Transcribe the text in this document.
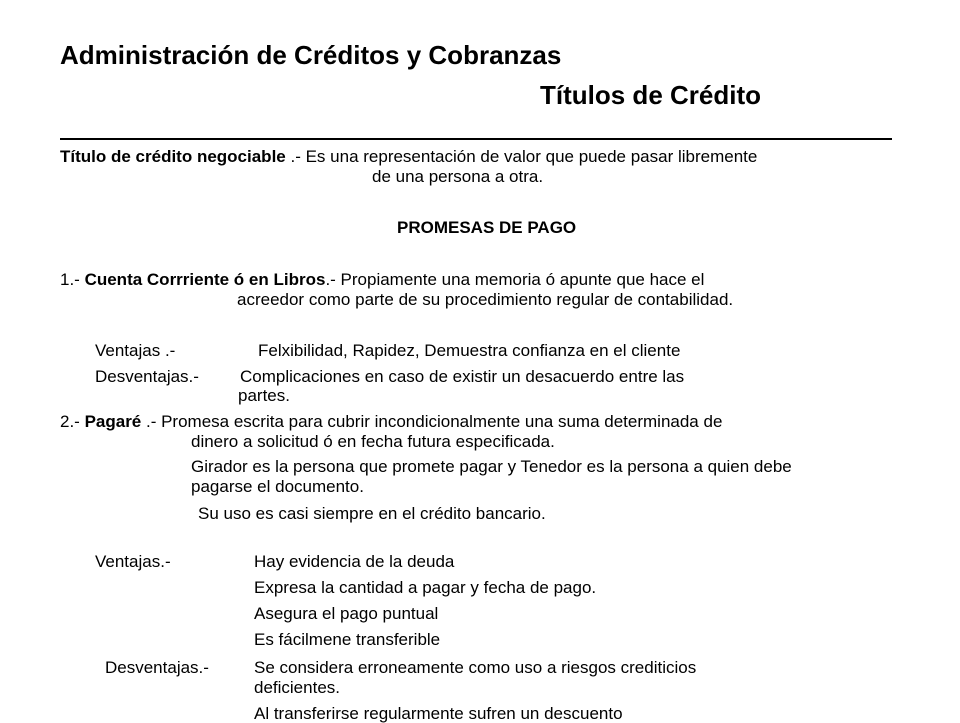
Administración de Créditos y Cobranzas
Títulos de Crédito
Título de crédito negociable .- Es una representación de valor que puede pasar libremente
de una persona a otra.
PROMESAS DE PAGO
1.- Cuenta Corrriente ó en Libros.- Propiamente una memoria ó apunte que hace el
acreedor como parte de su procedimiento regular de contabilidad.
Ventajas .-	Felxibilidad, Rapidez, Demuestra confianza en el cliente
Desventajas.- Complicaciones en caso de existir un desacuerdo entre las
partes.
2.- Pagaré .- Promesa escrita para cubrir incondicionalmente una suma determinada de
dinero a solicitud ó en fecha futura especificada.
Girador es la persona que promete pagar y Tenedor es la persona a quien debe
pagarse el documento.
Su uso es casi siempre en el crédito bancario.
Ventajas.-	Hay evidencia de la deuda
Expresa la cantidad a pagar y fecha de pago.
Asegura el pago puntual
Es fácilmene transferible
Desventajas.-	Se considera erroneamente como uso a riesgos crediticios
deficientes.
Al transferirse regularmente sufren un descuento
